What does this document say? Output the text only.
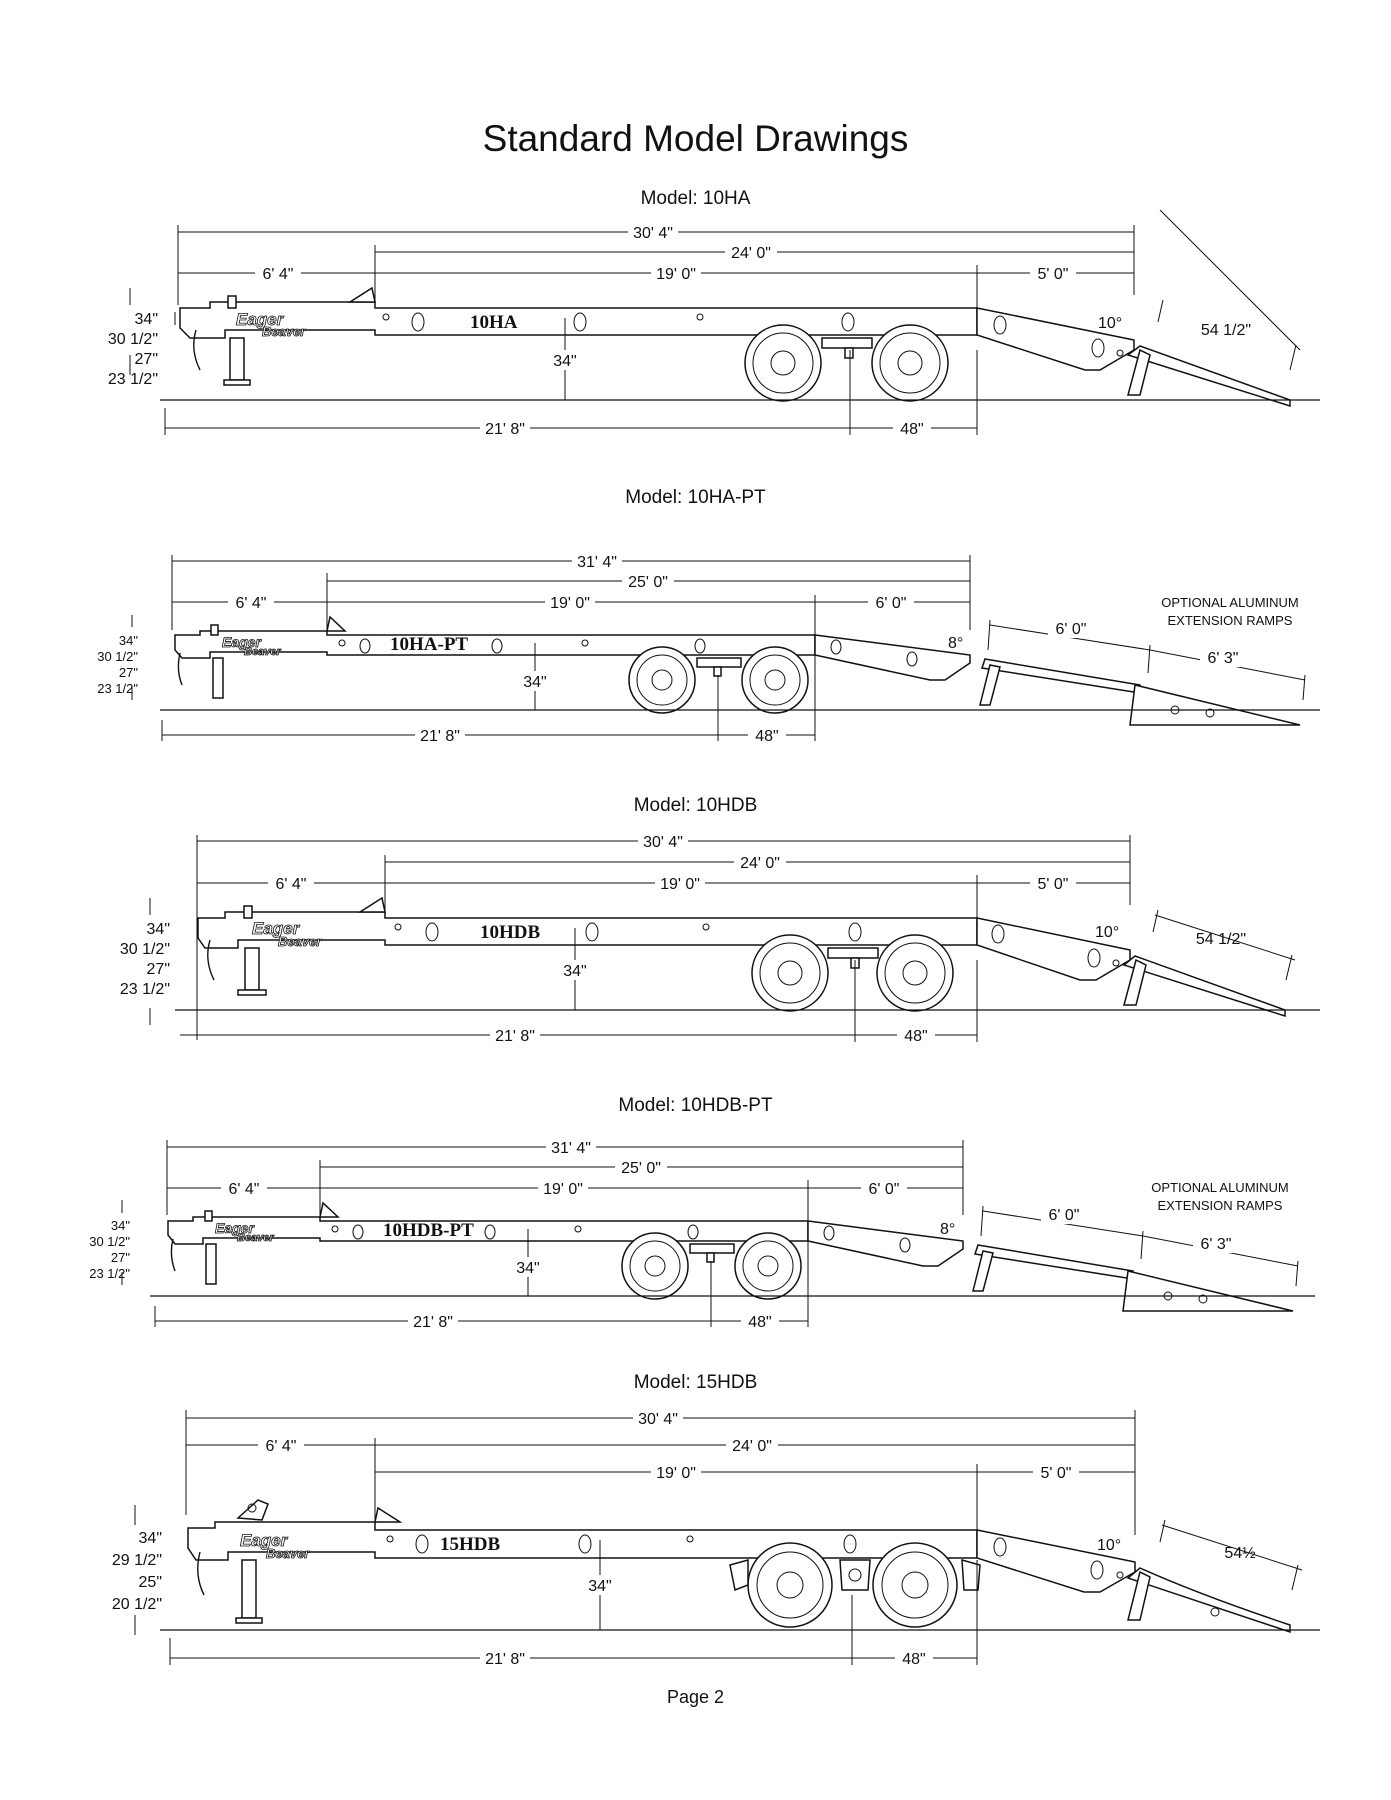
Standard Model Drawings
Model: 10HA
30' 4"
24' 0"
6' 4"	19' 0"	5' 0"
34"
30 1/2"
27"
23 1/2"
Eager
Beaver	10HA	10°	54 1/2"
34"
21' 8"	48"
Model: 10HA-PT
31' 4"
25' 0"
6' 4"	19' 0"	6' 0"	OPTIONAL ALUMINUM
EXTENSION RAMPS
34"
30 1/2"
27"
23 1/2"
Eager
Beaver	10HA-PT	8°
6' 0"
6' 3"
34"
21' 8"	48"
Model: 10HDB
30' 4"
24' 0"
6' 4"	19' 0"	5' 0"
34"
30 1/2"
27"
23 1/2"
Eager
Beaver	10HDB	10°	54 1/2"
34"
21' 8"	48"
Model: 10HDB-PT
31' 4"
25' 0"
6' 4"	19' 0"	6' 0"	OPTIONAL ALUMINUM
EXTENSION RAMPS
34"
30 1/2"
27"
23 1/2"
Eager
Beaver	10HDB-PT	8°
6' 0"
6' 3"
34"
21' 8"	48"
Model: 15HDB
30' 4"
6' 4"	24' 0"
19' 0"	5' 0"
34"
29 1/2"
25"
20 1/2"
Eager
Beaver	15HDB	10°	54½
34"
21' 8"	48"
Page 2
